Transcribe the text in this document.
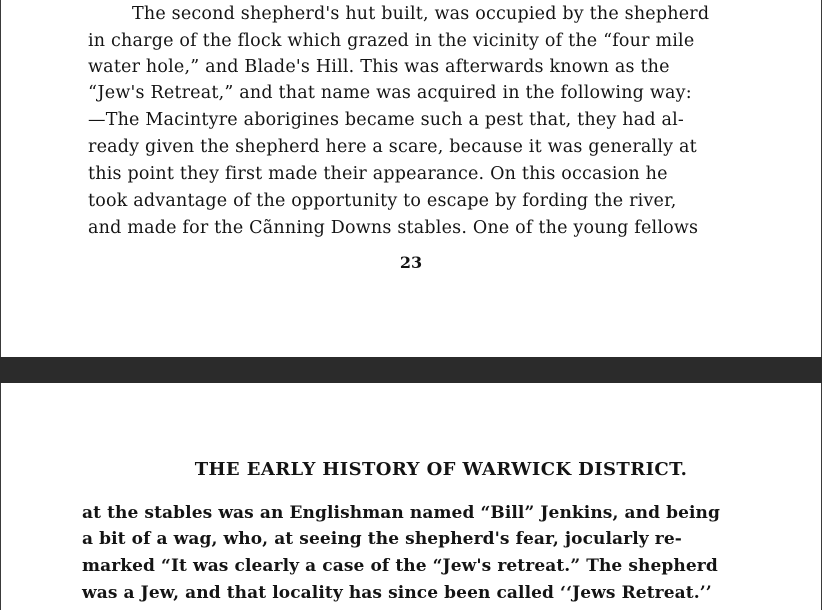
The second shepherd's hut built, was occupied by the shepherd
in charge of the flock which grazed in the vicinity of the “four mile
water hole,” and Blade's Hill. This was afterwards known as the
“Jew's Retreat,” and that name was acquired in the following way:
—The Macintyre aborigines became such a pest that, they had al-
ready given the shepherd here a scare, because it was generally at
this point they first made their appearance. On this occasion he
took advantage of the opportunity to escape by fording the river,
and made for the Cãnning Downs stables. One of the young fellows
23
THE EARLY HISTORY OF WARWICK DISTRICT.
at the stables was an Englishman named “Bill” Jenkins, and being
a bit of a wag, who, at seeing the shepherd's fear, jocularly re-
marked “It was clearly a case of the “Jew's retreat.” The shepherd
was a Jew, and that locality has since been called ‘‘Jews Retreat.’’
